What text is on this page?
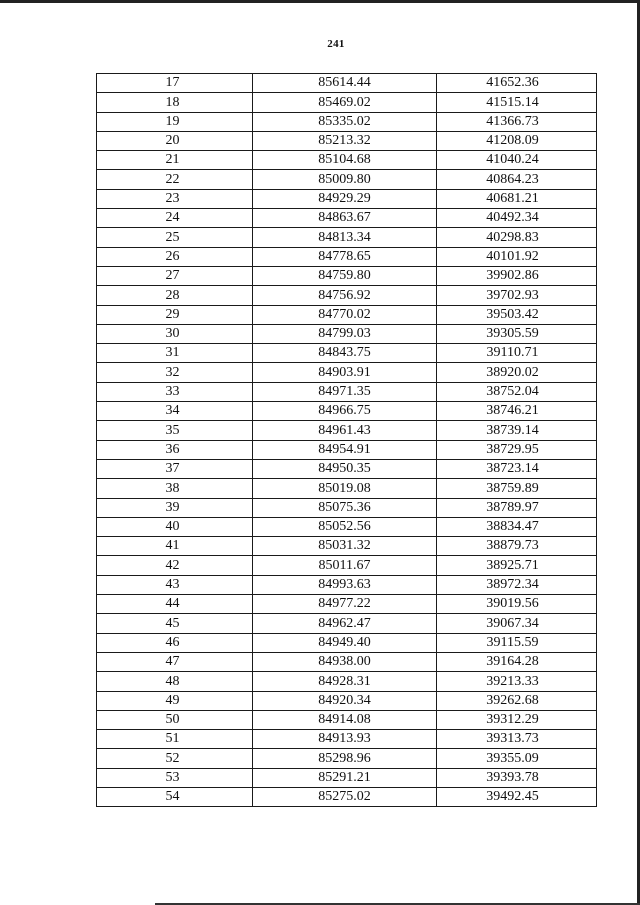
241
17	85614.44	41652.36
18	85469.02	41515.14
19	85335.02	41366.73
20	85213.32	41208.09
21	85104.68	41040.24
22	85009.80	40864.23
23	84929.29	40681.21
24	84863.67	40492.34
25	84813.34	40298.83
26	84778.65	40101.92
27	84759.80	39902.86
28	84756.92	39702.93
29	84770.02	39503.42
30	84799.03	39305.59
31	84843.75	39110.71
32	84903.91	38920.02
33	84971.35	38752.04
34	84966.75	38746.21
35	84961.43	38739.14
36	84954.91	38729.95
37	84950.35	38723.14
38	85019.08	38759.89
39	85075.36	38789.97
40	85052.56	38834.47
41	85031.32	38879.73
42	85011.67	38925.71
43	84993.63	38972.34
44	84977.22	39019.56
45	84962.47	39067.34
46	84949.40	39115.59
47	84938.00	39164.28
48	84928.31	39213.33
49	84920.34	39262.68
50	84914.08	39312.29
51	84913.93	39313.73
52	85298.96	39355.09
53	85291.21	39393.78
54	85275.02	39492.45
